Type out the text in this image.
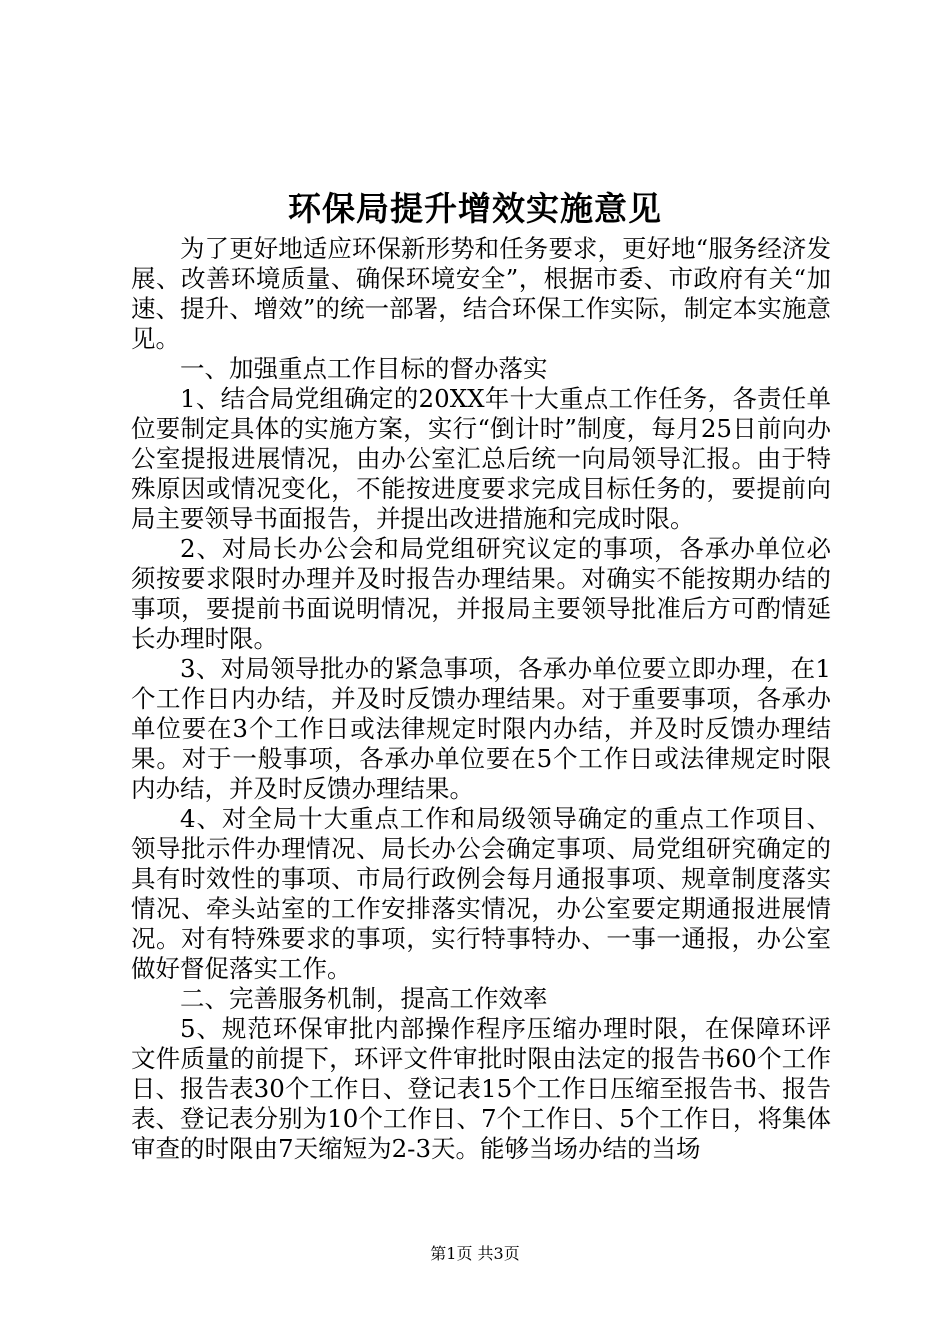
环保局提升增效实施意见

为了更好地适应环保新形势和任务要求，更好地“服务经济发展、改善环境质量、确保环境安全”，根据市委、市政府有关“加速、提升、增效”的统一部署，结合环保工作实际，制定本实施意见。

一、加强重点工作目标的督办落实

1、结合局党组确定的20XX年十大重点工作任务，各责任单位要制定具体的实施方案，实行“倒计时”制度，每月25日前向办公室提报进展情况，由办公室汇总后统一向局领导汇报。由于特殊原因或情况变化，不能按进度要求完成目标任务的，要提前向局主要领导书面报告，并提出改进措施和完成时限。

2、对局长办公会和局党组研究议定的事项，各承办单位必须按要求限时办理并及时报告办理结果。对确实不能按期办结的事项，要提前书面说明情况，并报局主要领导批准后方可酌情延长办理时限。

3、对局领导批办的紧急事项，各承办单位要立即办理，在1个工作日内办结，并及时反馈办理结果。对于重要事项，各承办单位要在3个工作日或法律规定时限内办结，并及时反馈办理结果。对于一般事项，各承办单位要在5个工作日或法律规定时限内办结，并及时反馈办理结果。

4、对全局十大重点工作和局级领导确定的重点工作项目、领导批示件办理情况、局长办公会确定事项、局党组研究确定的具有时效性的事项、市局行政例会每月通报事项、规章制度落实情况、牵头站室的工作安排落实情况，办公室要定期通报进展情况。对有特殊要求的事项，实行特事特办、一事一通报，办公室做好督促落实工作。

二、完善服务机制，提高工作效率

5、规范环保审批内部操作程序压缩办理时限，在保障环评文件质量的前提下，环评文件审批时限由法定的报告书60个工作日、报告表30个工作日、登记表15个工作日压缩至报告书、报告表、登记表分别为10个工作日、7个工作日、5个工作日，将集体审查的时限由7天缩短为2-3天。能够当场办结的当场

第1页 共3页
